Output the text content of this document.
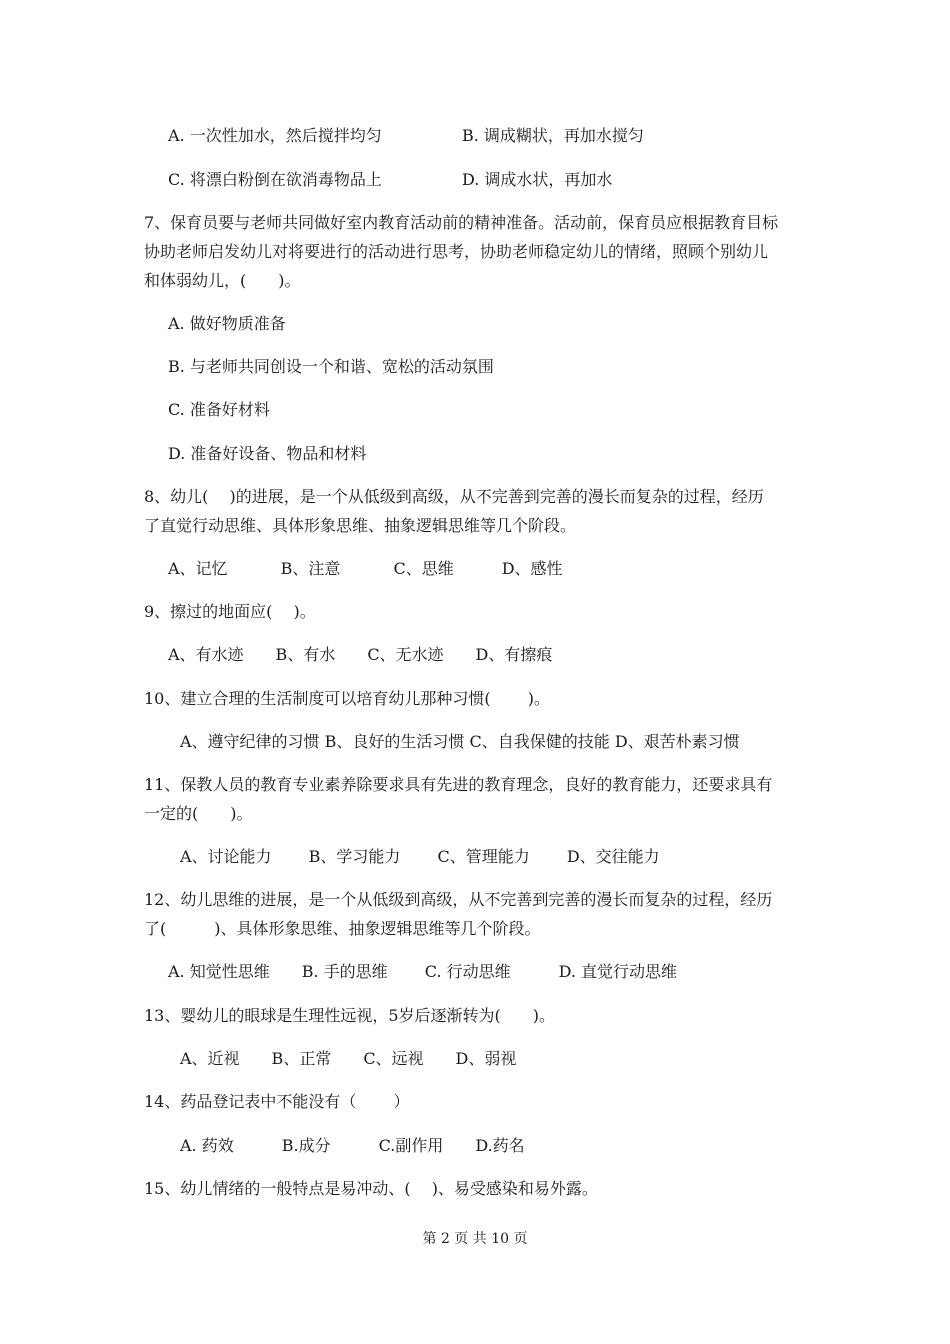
A. 一次性加水，然后搅拌均匀	B. 调成糊状，再加水搅匀
C. 将漂白粉倒在欲消毒物品上	D. 调成水状，再加水
7、保育员要与老师共同做好室内教育活动前的精神准备。活动前，保育员应根据教育目标
协助老师启发幼儿对将要进行的活动进行思考，协助老师稳定幼儿的情绪，照顾个别幼儿
和体弱幼儿，(　　)。
A. 做好物质准备
B. 与老师共同创设一个和谐、宽松的活动氛围
C. 准备好材料
D. 准备好设备、物品和材料
8、幼儿(　 )的进展，是一个从低级到高级，从不完善到完善的漫长而复杂的过程，经历
了直觉行动思维、具体形象思维、抽象逻辑思维等几个阶段。
A、记忆　　　 B、注意　　　 C、思维　　　D、感性
9、擦过的地面应(　 )。
A、有水迹　　B、有水　　C、无水迹　　D、有擦痕
10、建立合理的生活制度可以培育幼儿那种习惯(　　 )。
A、遵守纪律的习惯 B、良好的生活习惯 C、自我保健的技能 D、艰苦朴素习惯
11、保教人员的教育专业素养除要求具有先进的教育理念，良好的教育能力，还要求具有
一定的(　　)。
A、讨论能力　　 B、学习能力　　 C、管理能力　　 D、交往能力
12、幼儿思维的进展，是一个从低级到高级，从不完善到完善的漫长而复杂的过程，经历
了(　　　)、具体形象思维、抽象逻辑思维等几个阶段。
A. 知觉性思维　　B. 手的思维　　 C. 行动思维　　　D. 直觉行动思维
13、婴幼儿的眼球是生理性远视，5岁后逐渐转为(　　)。
A、近视　　B、正常　　C、远视　　D、弱视
14、药品登记表中不能没有（　　 ）
A. 药效　　　B.成分　　　C.副作用　　D.药名
15、幼儿情绪的一般特点是易冲动、(　 )、易受感染和易外露。
第 2 页 共 10 页
